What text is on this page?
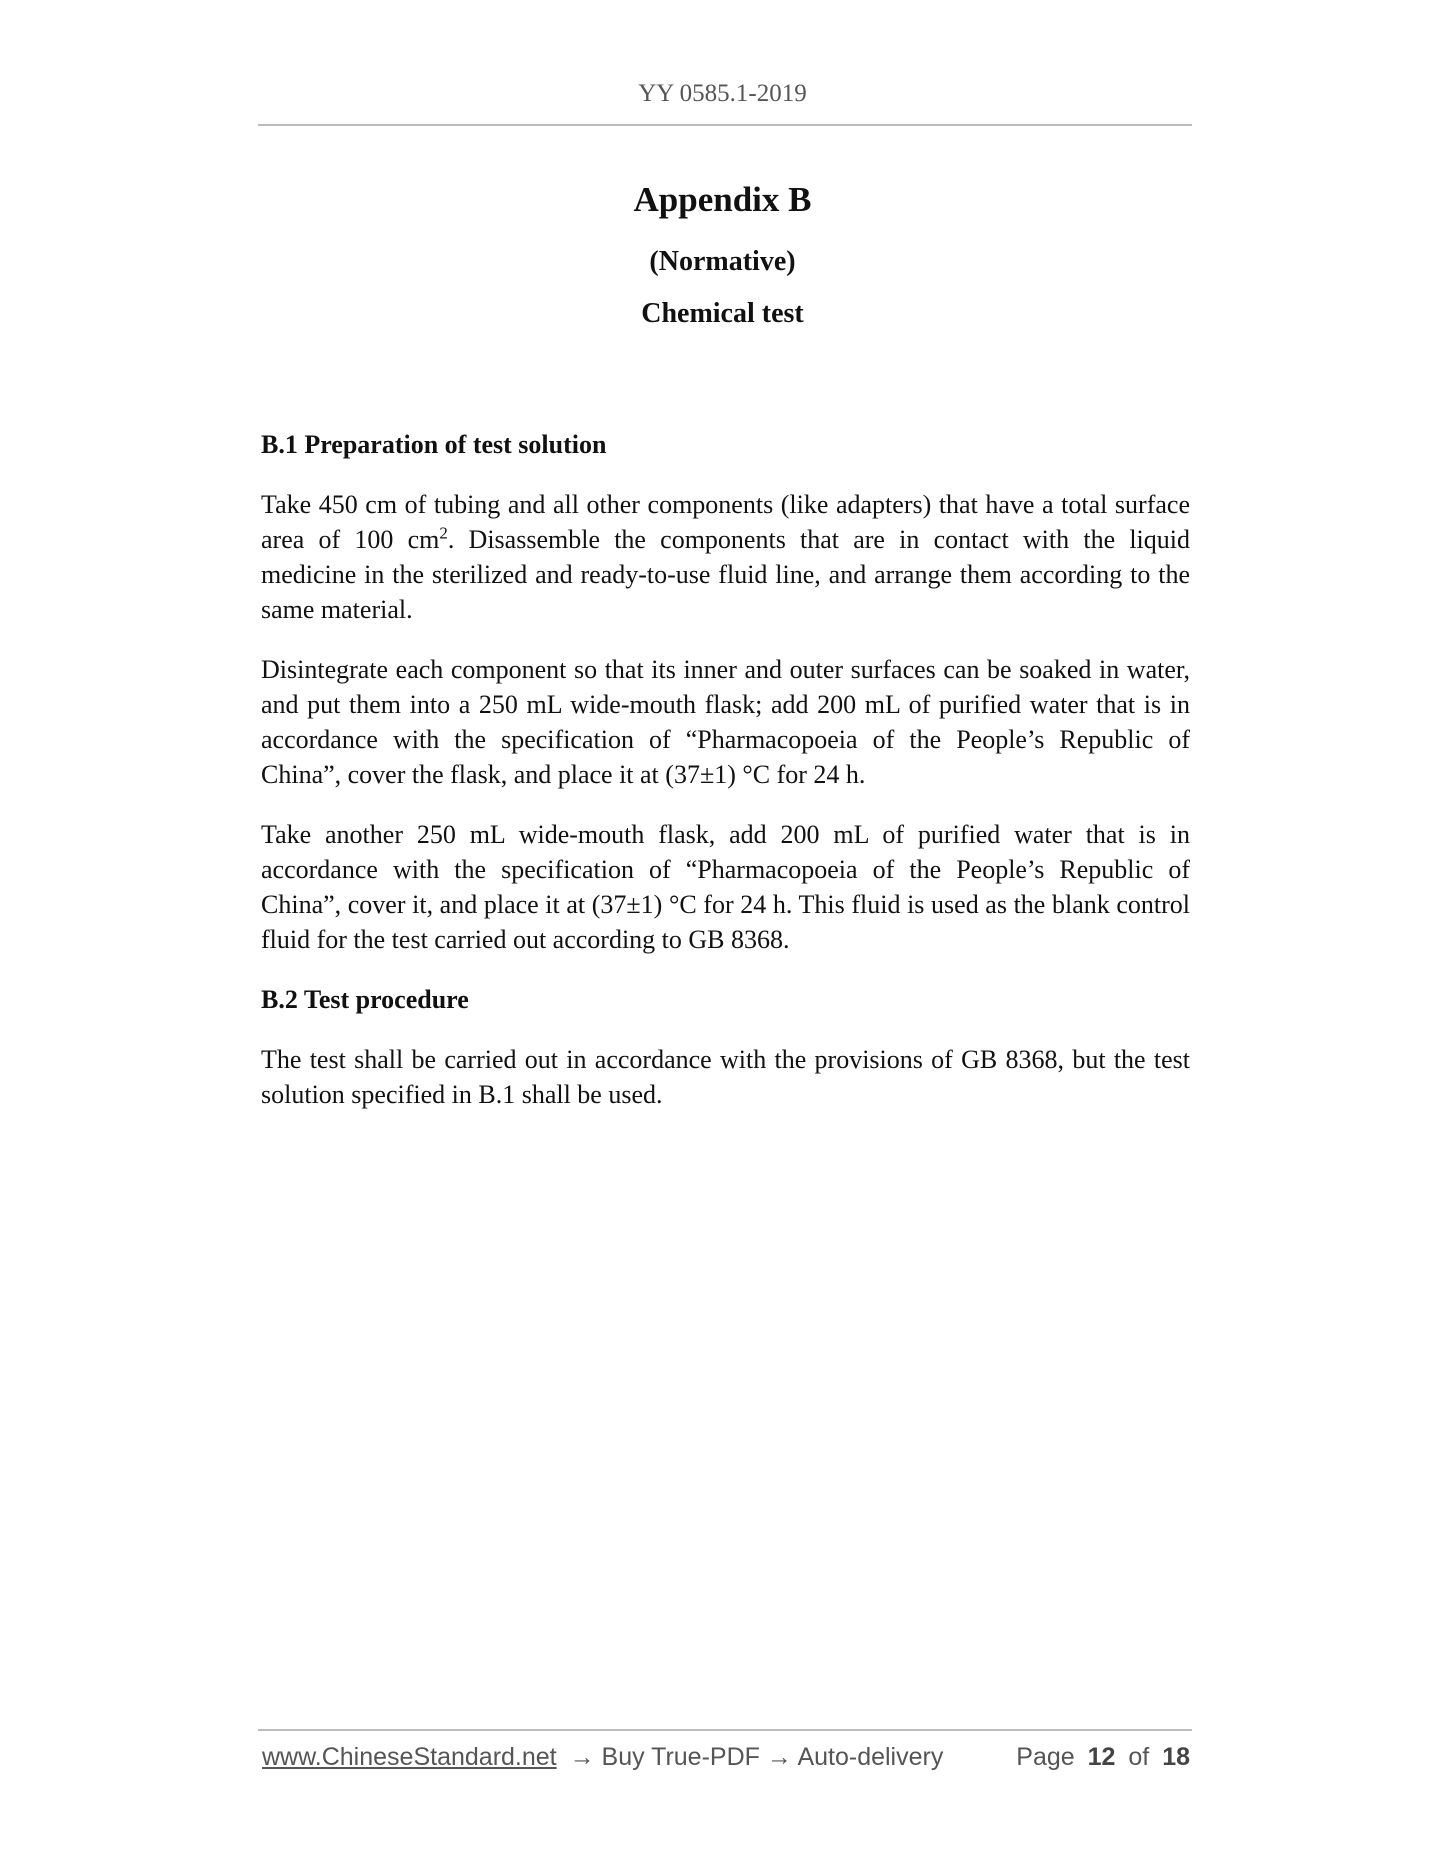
YY 0585.1-2019
Appendix B
(Normative)
Chemical test
B.1 Preparation of test solution

Take 450 cm of tubing and all other components (like adapters) that have a total surface area of 100 $cm^2$. Disassemble the components that are in contact with the liquid medicine in the sterilized and ready-to-use fluid line, and arrange them according to the same material.

Disintegrate each component so that its inner and outer surfaces can be soaked in water, and put them into a 250 mL wide-mouth flask; add 200 mL of purified water that is in accordance with the specification of “Pharmacopoeia of the People’s Republic of China”, cover the flask, and place it at (37±1) °C for 24 h.

Take another 250 mL wide-mouth flask, add 200 mL of purified water that is in accordance with the specification of “Pharmacopoeia of the People’s Republic of China”, cover it, and place it at (37±1) °C for 24 h. This fluid is used as the blank control fluid for the test carried out according to GB 8368.

B.2 Test procedure

The test shall be carried out in accordance with the provisions of GB 8368, but the test solution specified in B.1 shall be used.

www.ChineseStandard.net → Buy True-PDF → Auto-delivery	Page 12 of 18
